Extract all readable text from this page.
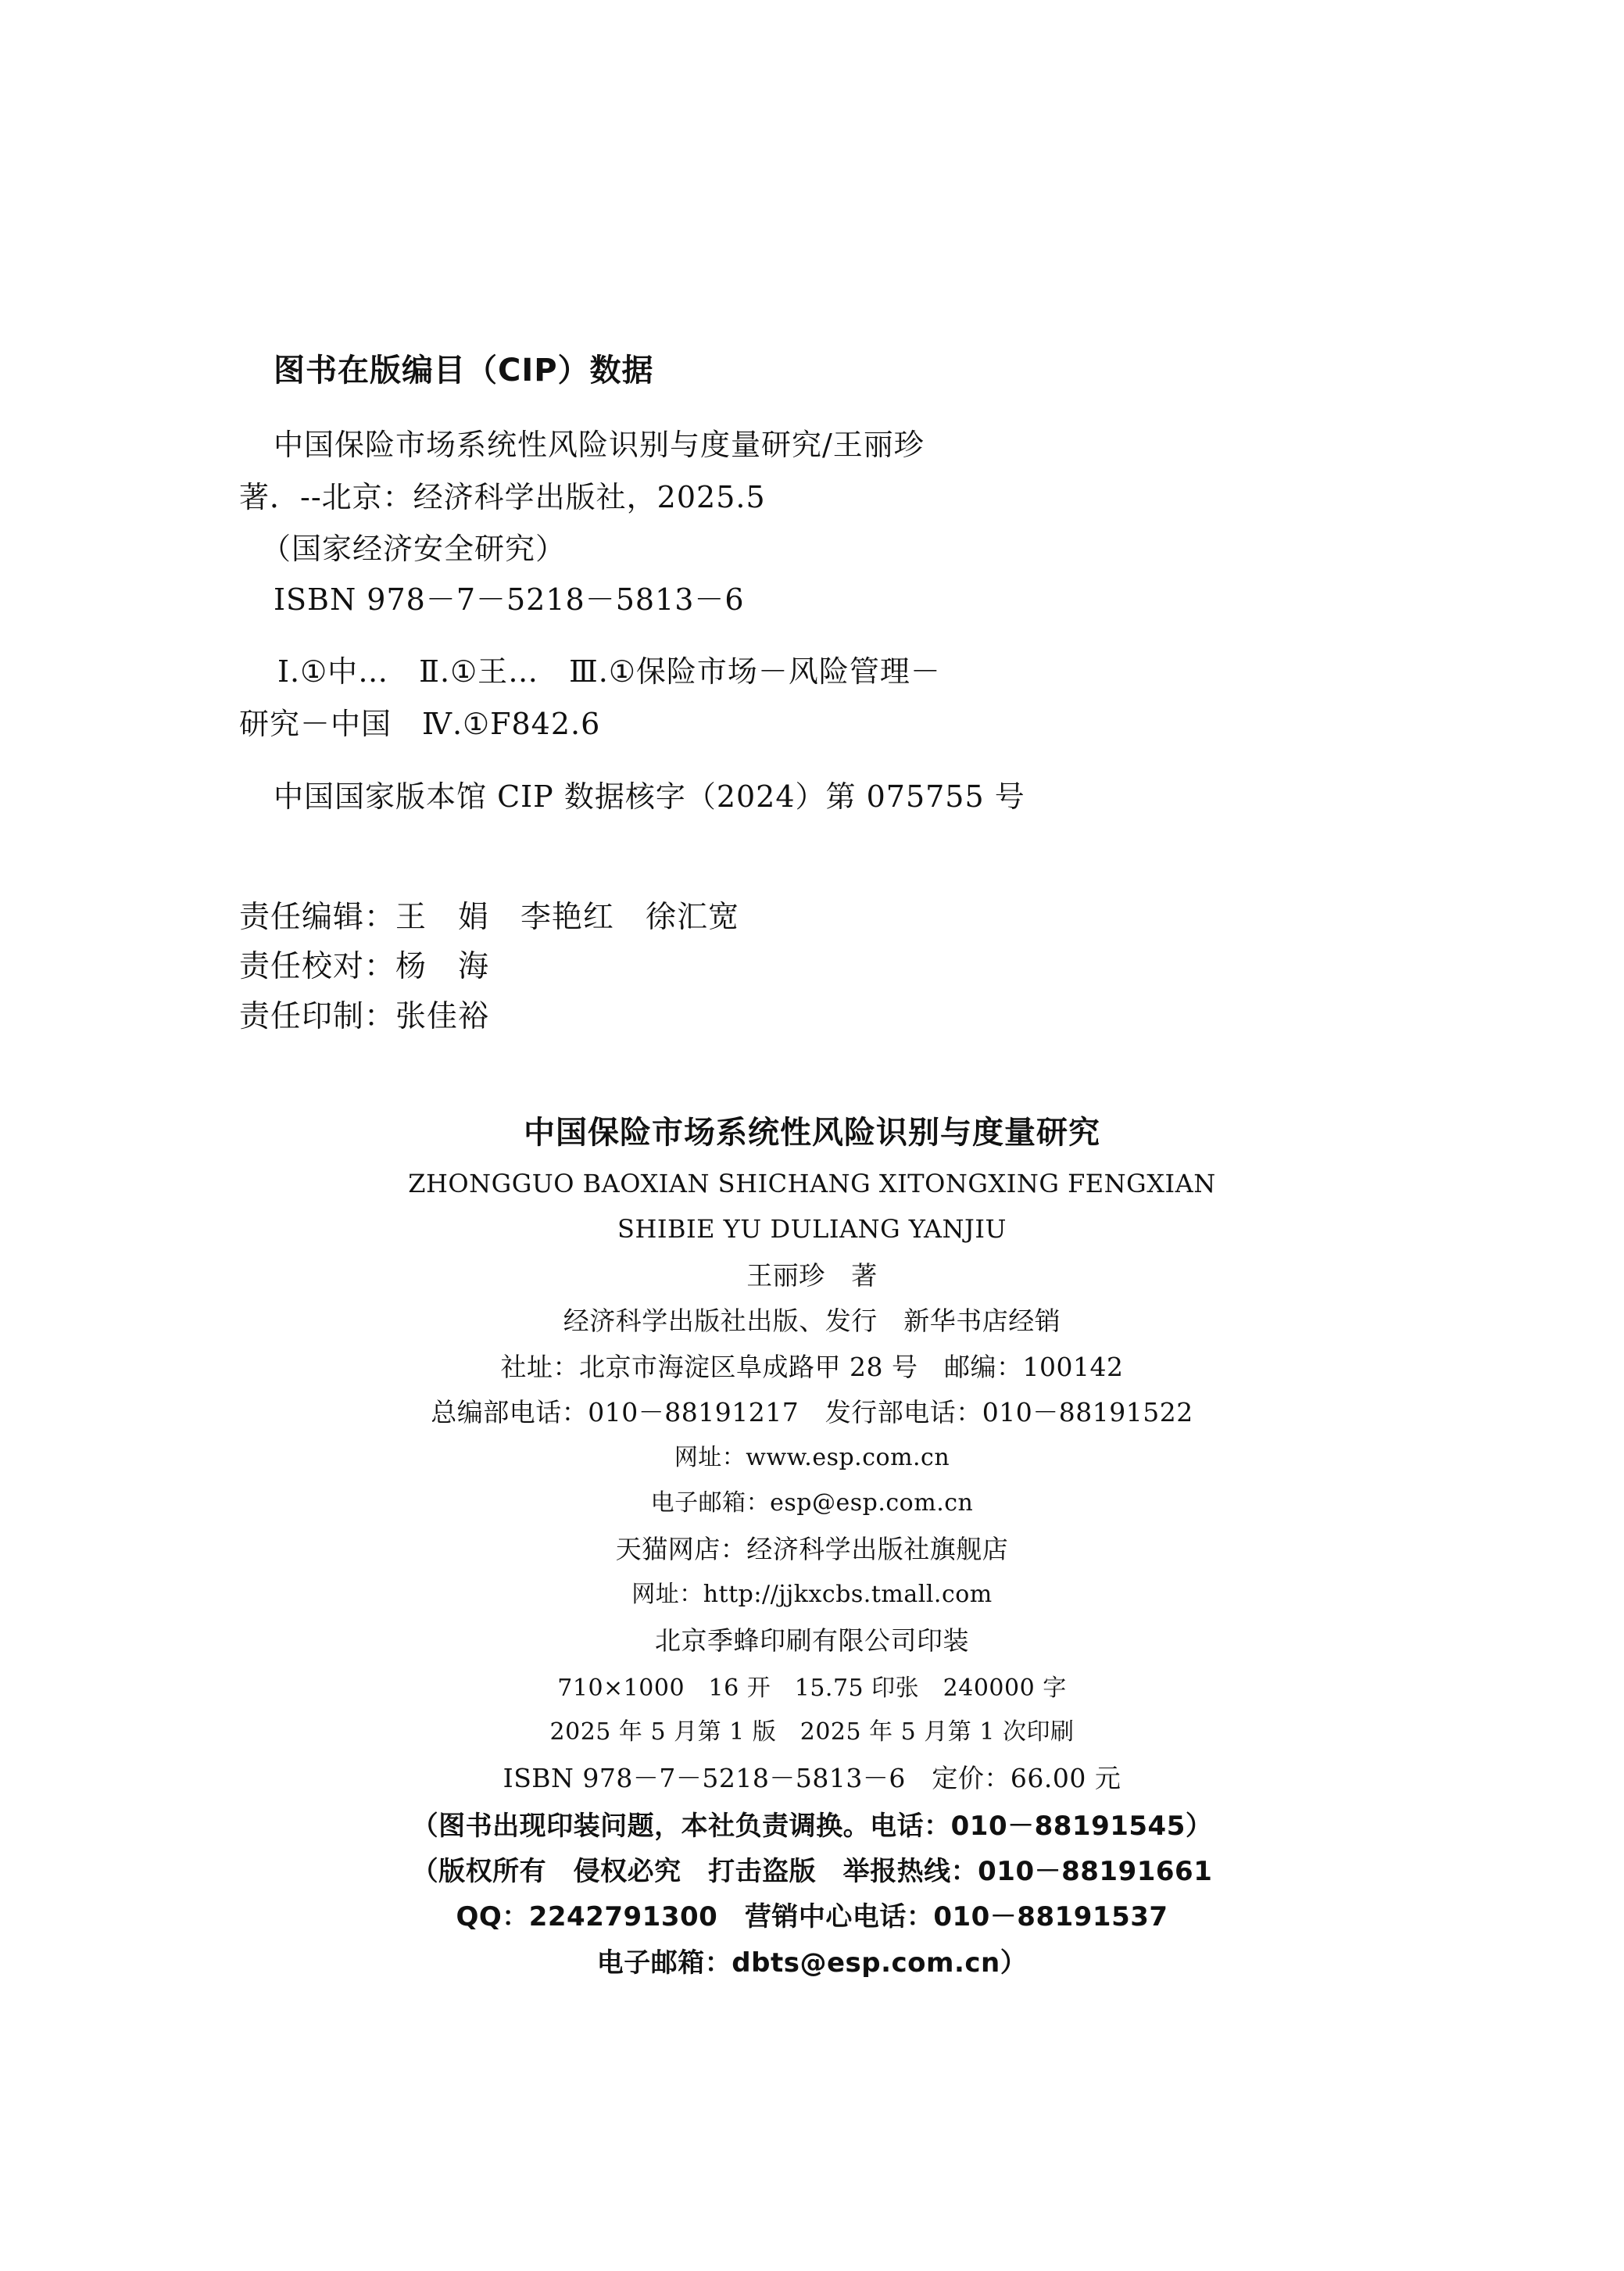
图书在版编目（CIP）数据
中国保险市场系统性风险识别与度量研究/王丽珍
著．--北京：经济科学出版社，2025.5
（国家经济安全研究）
ISBN 978－7－5218－5813－6
Ⅰ.①中…　Ⅱ.①王…　Ⅲ.①保险市场－风险管理－
研究－中国　Ⅳ.①F842.6
中国国家版本馆 CIP 数据核字（2024）第 075755 号
责任编辑：王　娟　李艳红　徐汇宽
责任校对：杨　海
责任印制：张佳裕
中国保险市场系统性风险识别与度量研究
ZHONGGUO BAOXIAN SHICHANG XITONGXING FENGXIAN
SHIBIE YU DULIANG YANJIU
王丽珍　著
经济科学出版社出版、发行　新华书店经销
社址：北京市海淀区阜成路甲 28 号　邮编：100142
总编部电话：010－88191217　发行部电话：010－88191522
网址：www.esp.com.cn
电子邮箱：esp@esp.com.cn
天猫网店：经济科学出版社旗舰店
网址：http://jjkxcbs.tmall.com
北京季蜂印刷有限公司印装
710×1000　16 开　15.75 印张　240000 字
2025 年 5 月第 1 版　2025 年 5 月第 1 次印刷
ISBN 978－7－5218－5813－6　定价：66.00 元
（图书出现印装问题，本社负责调换。电话：010－88191545）
（版权所有　侵权必究　打击盗版　举报热线：010－88191661
QQ：2242791300　营销中心电话：010－88191537
电子邮箱：dbts@esp.com.cn）
